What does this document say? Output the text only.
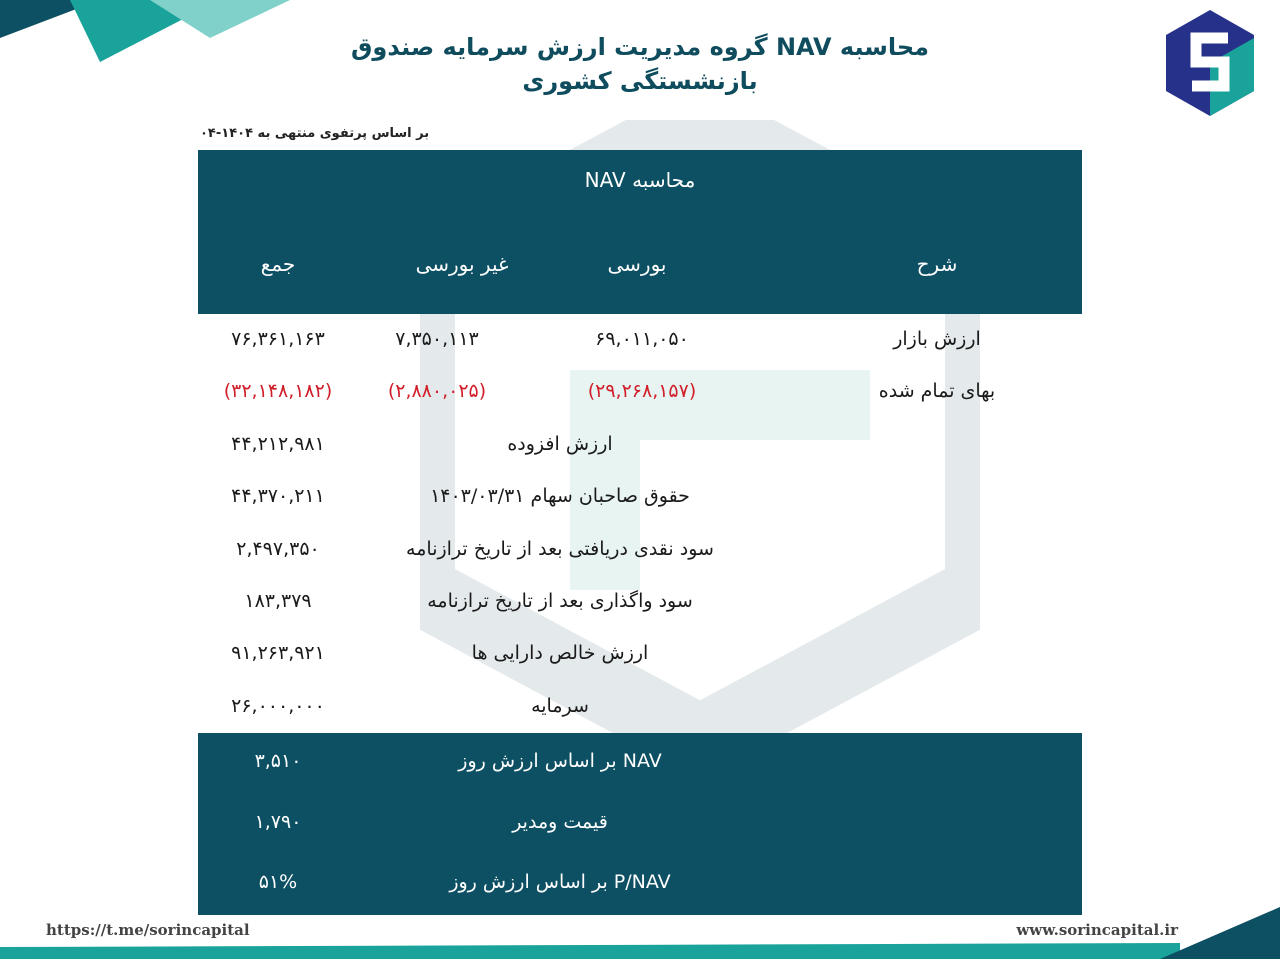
محاسبه NAV گروه مدیریت ارزش سرمایه صندوق
بازنشستگی کشوری
بر اساس پرتفوی منتهی به ۱۴۰۴-۰۴
محاسبه NAV
شرح
بورسی
غیر بورسی
جمع
ارزش بازار
۶۹,۰۱۱,۰۵۰
۷,۳۵۰,۱۱۳
۷۶,۳۶۱,۱۶۳
بهای تمام شده
(۲۹,۲۶۸,۱۵۷)
(۲,۸۸۰,۰۲۵)
(۳۲,۱۴۸,۱۸۲)
ارزش افزوده
۴۴,۲۱۲,۹۸۱
حقوق صاحبان سهام ۱۴۰۳/۰۳/۳۱
۴۴,۳۷۰,۲۱۱
سود نقدی دریافتی بعد از تاریخ ترازنامه
۲,۴۹۷,۳۵۰
سود واگذاری بعد از تاریخ ترازنامه
۱۸۳,۳۷۹
ارزش خالص دارایی ها
۹۱,۲۶۳,۹۲۱
سرمایه
۲۶,۰۰۰,۰۰۰
NAV بر اساس ارزش روز
۳,۵۱۰
قیمت ومدیر
۱,۷۹۰
P/NAV بر اساس ارزش روز
۵۱%
https://t.me/sorincapital	www.sorincapital.ir
